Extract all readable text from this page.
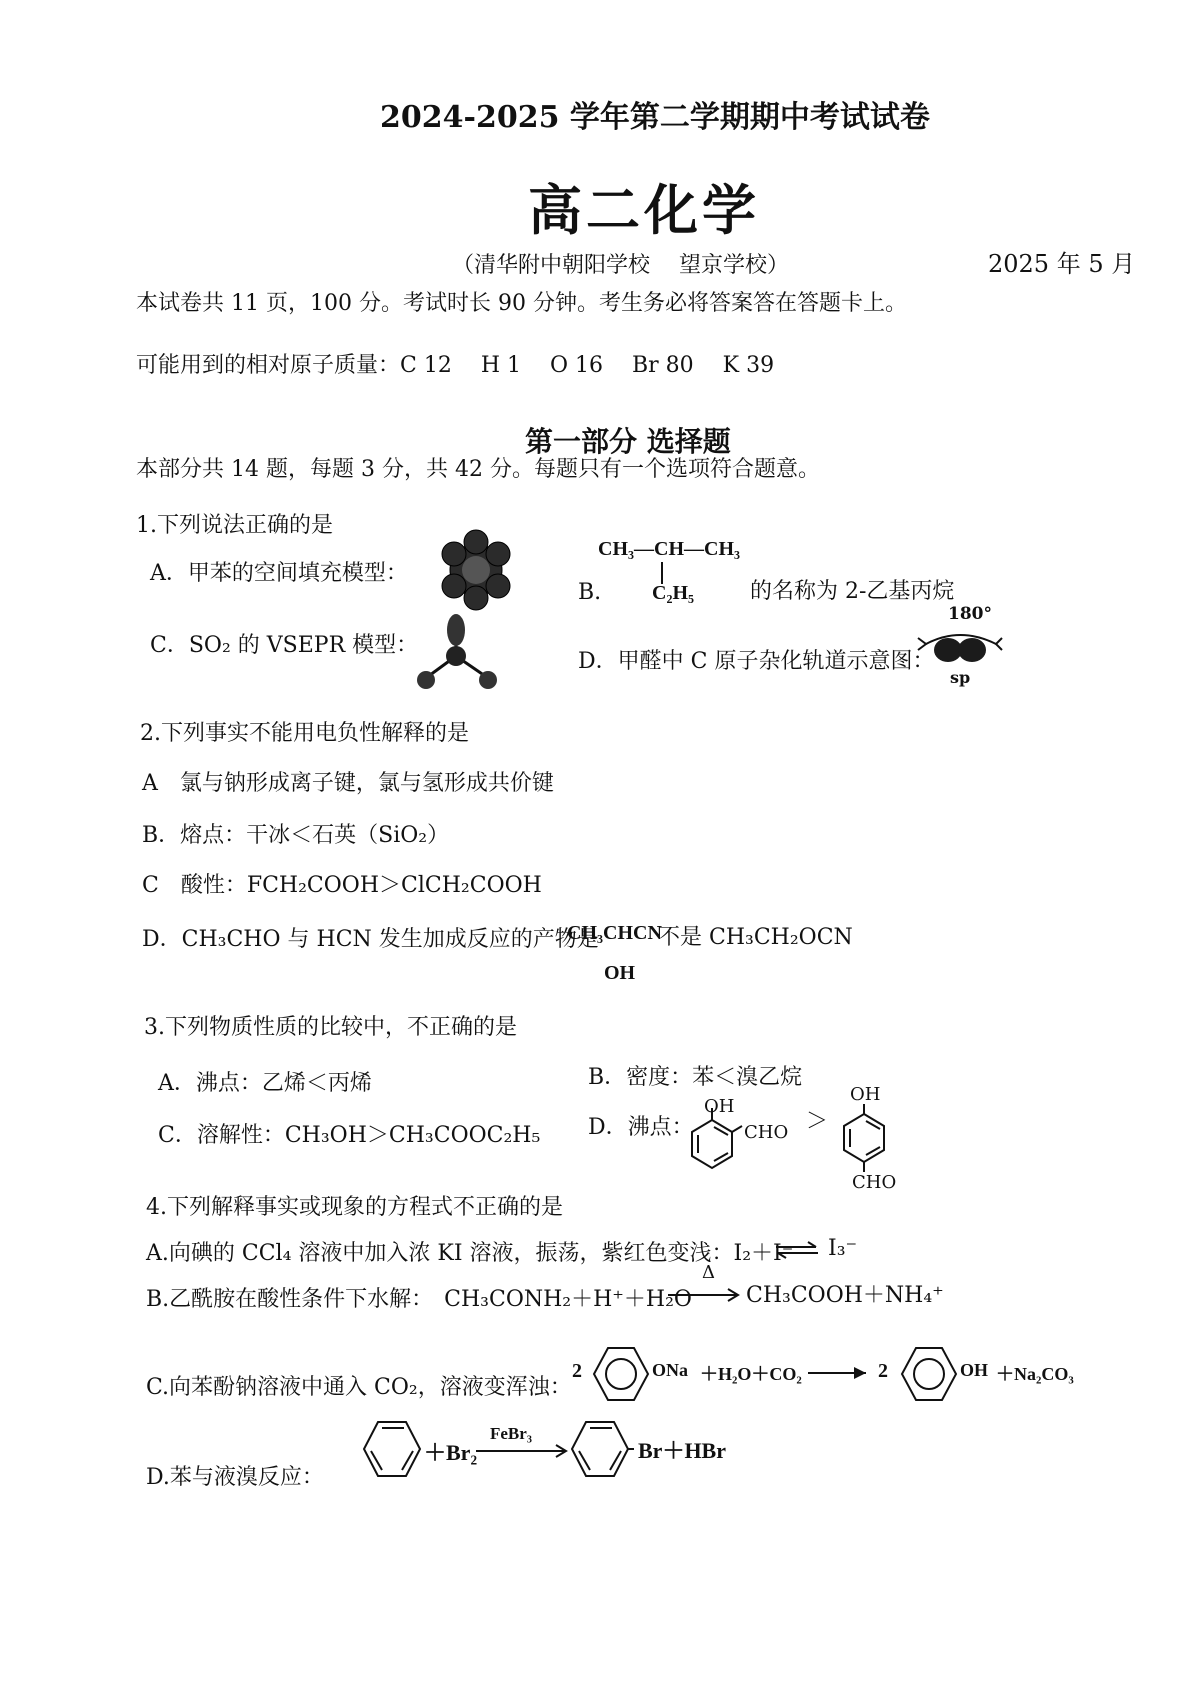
2024-2025 学年第二学期期中考试试卷
高二化学
（清华附中朝阳学校　 望京学校）	2025 年 5 月
本试卷共 11 页，100 分。考试时长 90 分钟。考生务必将答案答在答题卡上。
可能用到的相对原子质量：C 12　 H 1　 O 16　 Br 80　 K 39
第一部分 选择题
本部分共 14 题，每题 3 分，共 42 分。每题只有一个选项符合题意。
1.下列说法正确的是
A．甲苯的空间填充模型：
CH₃—CH—CH₃
B.	C₂H₅	的名称为 2-乙基丙烷
C．SO₂ 的 VSEPR 模型：
D．甲醛中 C 原子杂化轨道示意图：
180°
sp
2.下列事实不能用电负性解释的是
A　氯与钠形成离子键，氯与氢形成共价键
B．熔点：干冰＜石英（SiO₂）
C　酸性：FCH₂COOH＞ClCH₂COOH
D．CH₃CHO 与 HCN 发生加成反应的产物是
CH₃CHCN
不是 CH₃CH₂OCN
OH
3.下列物质性质的比较中，不正确的是
A．沸点：乙烯＜丙烯	B．密度：苯＜溴乙烷
C．溶解性：CH₃OH＞CH₃COOC₂H₅ D．沸点：
OH
CHO ＞
OH
CHO
4.下列解释事实或现象的方程式不正确的是
A.向碘的 CCl₄ 溶液中加入浓 KI 溶液，振荡，紫红色变浅：I₂＋I⁻ ⇌ I₃⁻
B.乙酰胺在酸性条件下水解：　CH₃CONH₂＋H⁺＋H₂O
Δ
CH₃COOH＋NH₄⁺
C.向苯酚钠溶液中通入 CO₂，溶液变浑浊：
2	ONa ＋H₂O＋CO₂	2	OH ＋Na₂CO₃
D.苯与液溴反应：
＋Br₂
FeBr₃
Br＋HBr
